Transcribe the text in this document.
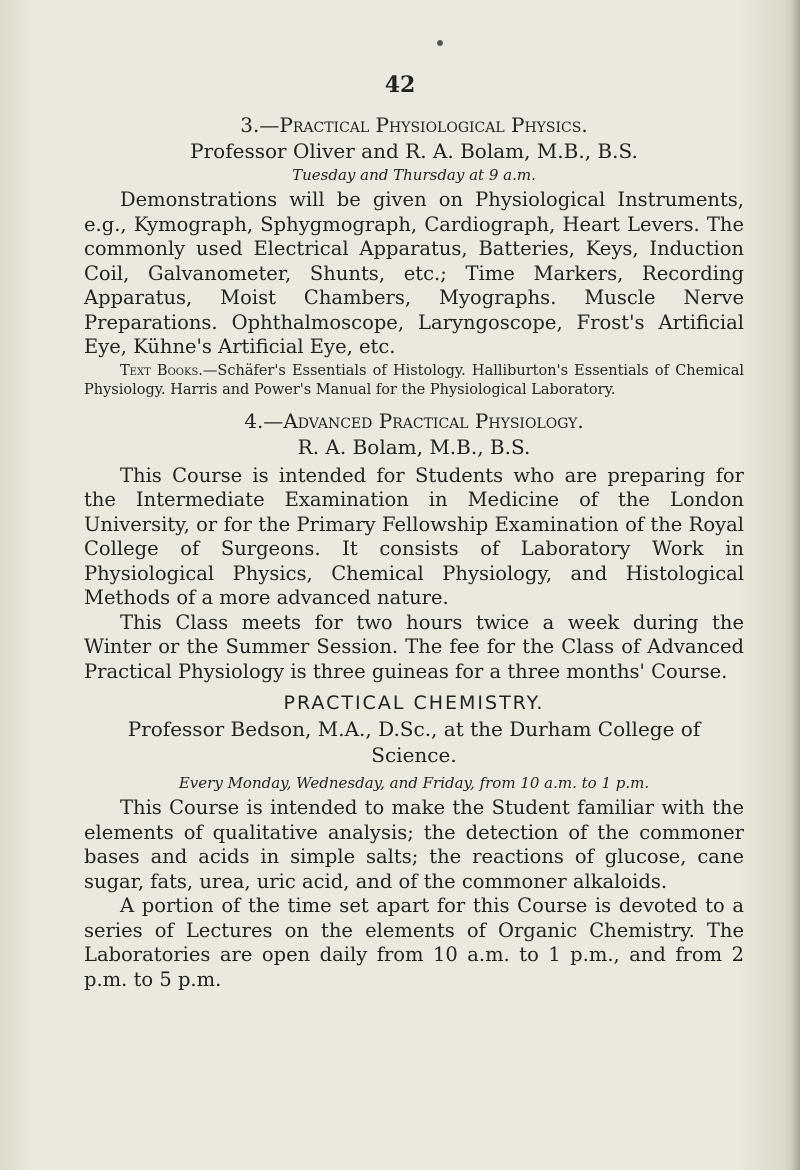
42

3.—Practical Physiological Physics.

Professor Oliver and R. A. Bolam, M.B., B.S.

Tuesday and Thursday at 9 a.m.

Demonstrations will be given on Physiological Instruments, e.g., Kymograph, Sphygmograph, Cardiograph, Heart Levers. The commonly used Electrical Apparatus, Batteries, Keys, Induction Coil, Galvanometer, Shunts, etc.; Time Markers, Recording Apparatus, Moist Chambers, Myographs. Muscle Nerve Preparations. Ophthalmoscope, Laryngoscope, Frost's Artificial Eye, Kühne's Artificial Eye, etc.

Text Books.—Schäfer's Essentials of Histology. Halliburton's Essentials of Chemical Physiology. Harris and Power's Manual for the Physiological Laboratory.

4.—Advanced Practical Physiology.

R. A. Bolam, M.B., B.S.

This Course is intended for Students who are preparing for the Intermediate Examination in Medicine of the London University, or for the Primary Fellowship Examination of the Royal College of Surgeons. It consists of Laboratory Work in Physiological Physics, Chemical Physiology, and Histological Methods of a more advanced nature.

This Class meets for two hours twice a week during the Winter or the Summer Session. The fee for the Class of Advanced Practical Physiology is three guineas for a three months' Course.

PRACTICAL CHEMISTRY.

Professor Bedson, M.A., D.Sc., at the Durham College of Science.

Every Monday, Wednesday, and Friday, from 10 a.m. to 1 p.m.

This Course is intended to make the Student familiar with the elements of qualitative analysis; the detection of the commoner bases and acids in simple salts; the reactions of glucose, cane sugar, fats, urea, uric acid, and of the commoner alkaloids.

A portion of the time set apart for this Course is devoted to a series of Lectures on the elements of Organic Chemistry. The Laboratories are open daily from 10 a.m. to 1 p.m., and from 2 p.m. to 5 p.m.
